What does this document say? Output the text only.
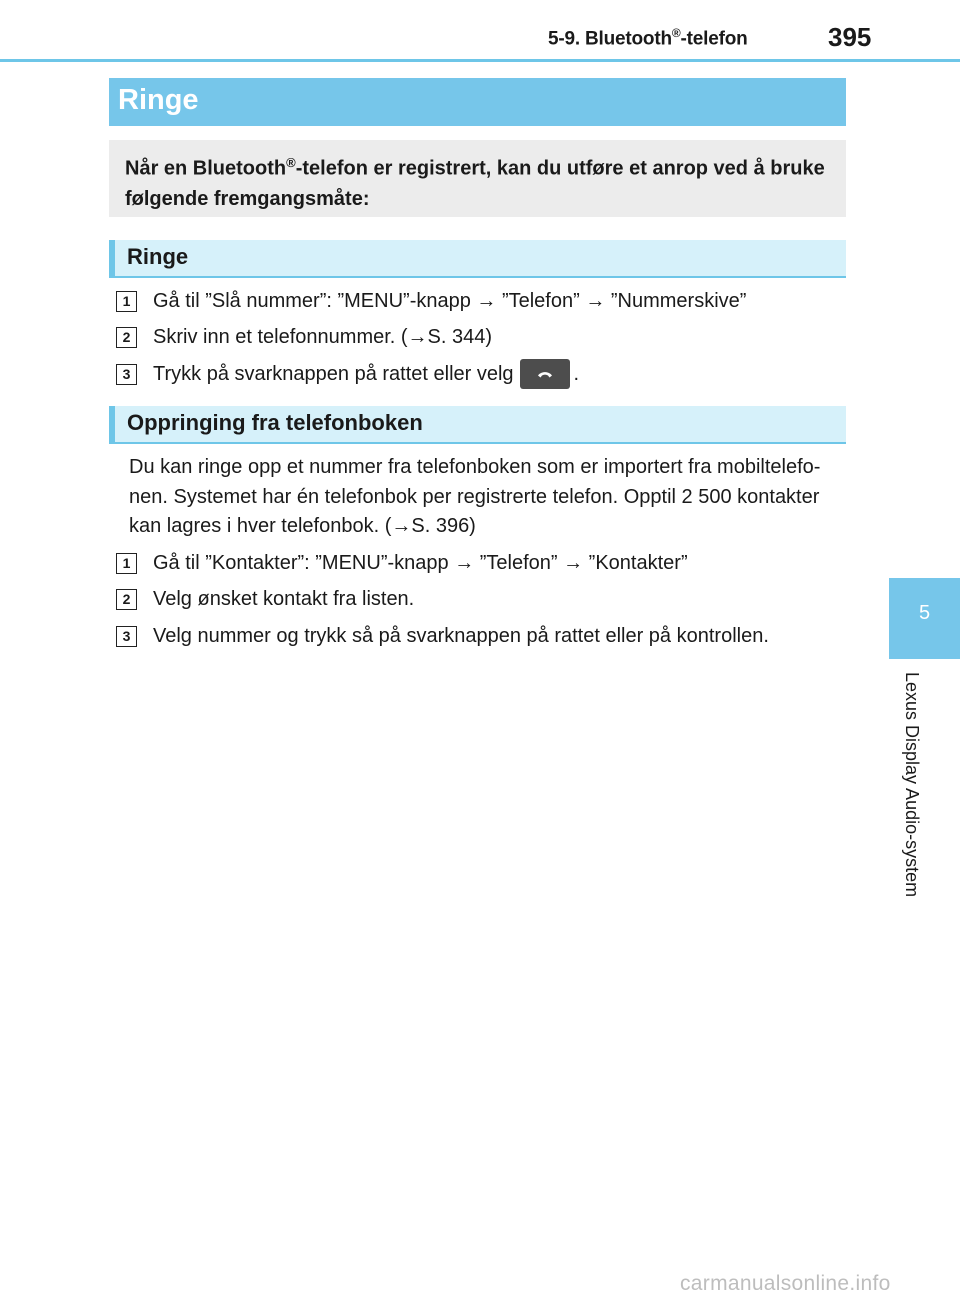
5-9. Bluetooth®-telefon	395
Ringe
Når en Bluetooth®-telefon er registrert, kan du utføre et anrop ved å bruke følgende fremgangsmåte:
Ringe
1	Gå til ”Slå nummer”: ”MENU”-knapp → ”Telefon” → ”Nummerskive”
2	Skriv inn et telefonnummer. (→S. 344)
3	Trykk på svarknappen på rattet eller velg	.
Oppringing fra telefonboken

Du kan ringe opp et nummer fra telefonboken som er importert fra mobiltelefo-

nen. Systemet har én telefonbok per registrerte telefon. Opptil 2 500 kontakter

kan lagres i hver telefonbok. (→S. 396)

1	Gå til ”Kontakter”: ”MENU”-knapp → ”Telefon” → ”Kontakter”
2	Velg ønsket kontakt fra listen.
3	Velg nummer og trykk så på svarknappen på rattet eller på kontrollen.
5
Lexus Display Audio-system
carmanualsonline.info
